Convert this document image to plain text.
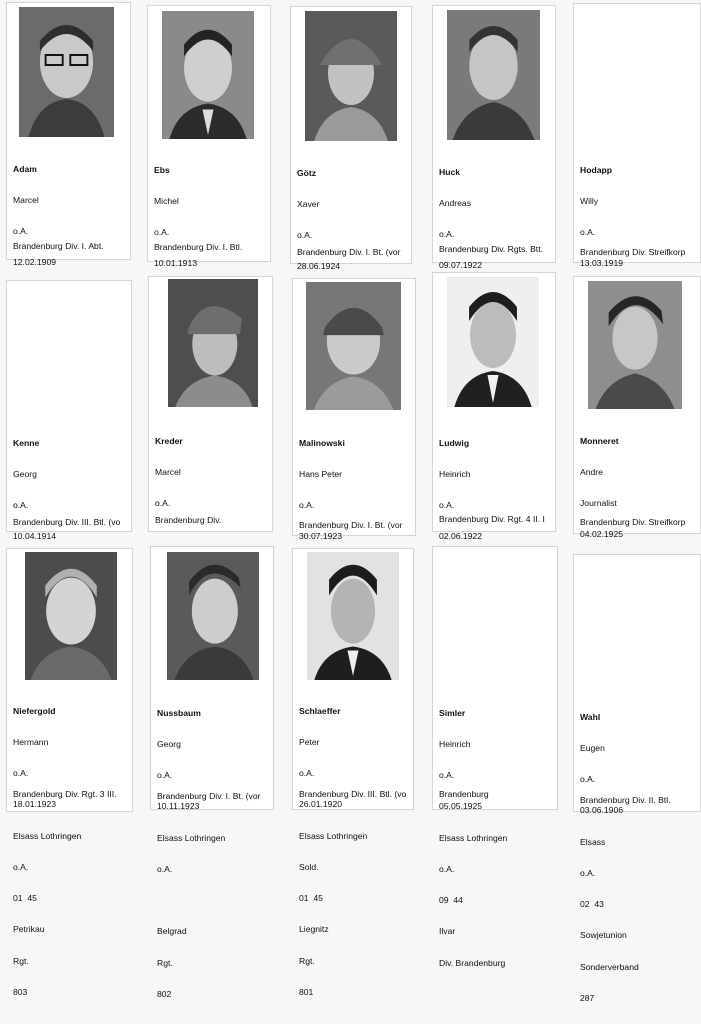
Adam

Marcel

o.A.

12.02.1909

Brandenburg Div. I. Abt.

Ebs

Michel

o.A.

10.01.1913

Brandenburg Div. I. Btl.

Götz

Xaver

o.A.

28.06.1924

Brandenburg Div. I. Bt. (vor

Huck

Andreas

o.A.

09.07.1922

Brandenburg Div. Rgts. Btt.

Hodapp

Willy

o.A.

13.03.1919

Brandenburg Div. Streifkorp

Kenne

Georg

o.A.

10.04.1914

Brandenburg Div. III. Btl. (vo

Kreder

Marcel

o.A.

Brandenburg Div.

Malinowski

Hans Peter

o.A.

30.07.1923

Brandenburg Div. I. Bt. (vor

Ludwig

Heinrich

o.A.

02.06.1922

Brandenburg Div. Rgt. 4 II. I

Monneret

Andre

Journalist

04.02.1925

Brandenburg Div. Streifkorp

Niefergold

Hermann

o.A.

18.01.1923

Elsass Lothringen

o.A.

01  45

Petrikau

Rgt.

803

Brandenburg Div. Rgt. 3 III.

Nussbaum

Georg

o.A.

10.11.1923

Elsass Lothringen

o.A.

Belgrad

Rgt.

802

Brandenburg Div. I. Bt. (vor

Schlaeffer

Peter

o.A.

26.01.1920

Elsass Lothringen

Sold.

01  45

Liegnitz

Rgt.

801

Brandenburg Div. III. Btl. (vo

Simler

Heinrich

o.A.

05.05.1925

Elsass Lothringen

o.A.

09  44

Ilvar

Div. Brandenburg

Brandenburg

Wahl

Eugen

o.A.

03.06.1906

Elsass

o.A.

02  43

Sowjetunion

Sonderverband

287

Brandenburg Div. II. Btl.
